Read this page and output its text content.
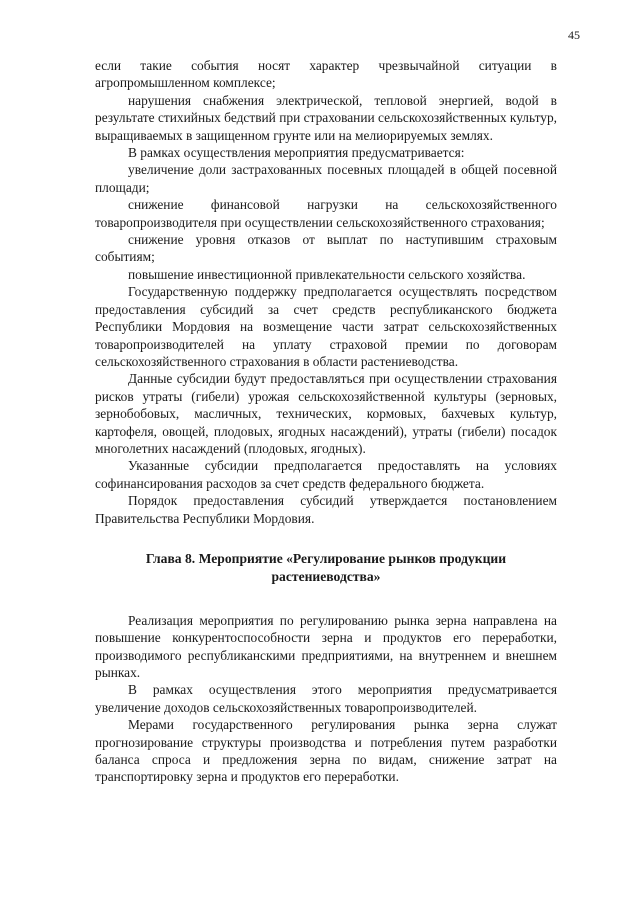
45

если такие события носят характер чрезвычайной ситуации в агропромышленном комплексе;

нарушения снабжения электрической, тепловой энергией, водой в результате стихийных бедствий при страховании сельскохозяйственных культур, выращиваемых в защищенном грунте или на мелиорируемых землях.

В рамках осуществления мероприятия предусматривается:

увеличение доли застрахованных посевных площадей в общей посевной площади;

снижение финансовой нагрузки на сельскохозяйственного товаропроизводителя при осуществлении сельскохозяйственного страхования;

снижение уровня отказов от выплат по наступившим страховым событиям;

повышение инвестиционной привлекательности сельского хозяйства.

Государственную поддержку предполагается осуществлять посредством предоставления субсидий за счет средств республиканского бюджета Республики Мордовия на возмещение части затрат сельскохозяйственных товаропроизводителей на уплату страховой премии по договорам сельскохозяйственного страхования в области растениеводства.

Данные субсидии будут предоставляться при осуществлении страхования рисков утраты (гибели) урожая сельскохозяйственной культуры (зерновых, зернобобовых, масличных, технических, кормовых, бахчевых культур, картофеля, овощей, плодовых, ягодных насаждений), утраты (гибели) посадок многолетних насаждений (плодовых, ягодных).

Указанные субсидии предполагается предоставлять на условиях софинансирования расходов за счет средств федерального бюджета.

Порядок предоставления субсидий утверждается постановлением Правительства Республики Мордовия.

Глава 8. Мероприятие «Регулирование рынков продукции
растениеводства»

Реализация мероприятия по регулированию рынка зерна направлена на повышение конкурентоспособности зерна и продуктов его переработки, производимого республиканскими предприятиями, на внутреннем и внешнем рынках.

В рамках осуществления этого мероприятия предусматривается увеличение доходов сельскохозяйственных товаропроизводителей.

Мерами государственного регулирования рынка зерна служат прогнозирование структуры производства и потребления путем разработки баланса спроса и предложения зерна по видам, снижение затрат на транспортировку зерна и продуктов его переработки.
